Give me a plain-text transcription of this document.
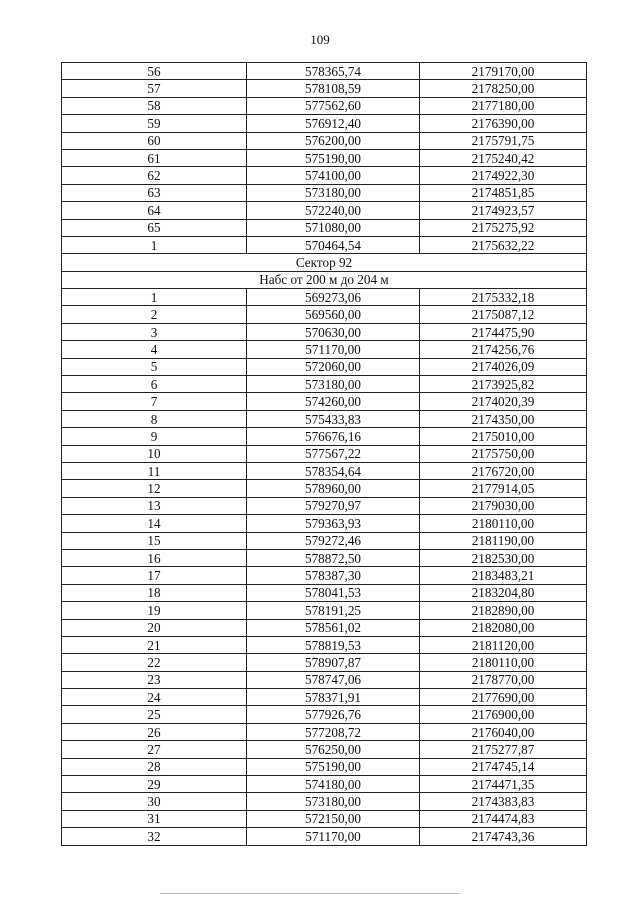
109
56	578365,74	2179170,00
57	578108,59	2178250,00
58	577562,60	2177180,00
59	576912,40	2176390,00
60	576200,00	2175791,75
61	575190,00	2175240,42
62	574100,00	2174922,30
63	573180,00	2174851,85
64	572240,00	2174923,57
65	571080,00	2175275,92
1	570464,54	2175632,22
Сектор 92		
Набс от 200 м до 204 м		
1	569273,06	2175332,18
2	569560,00	2175087,12
3	570630,00	2174475,90
4	571170,00	2174256,76
5	572060,00	2174026,09
6	573180,00	2173925,82
7	574260,00	2174020,39
8	575433,83	2174350,00
9	576676,16	2175010,00
10	577567,22	2175750,00
11	578354,64	2176720,00
12	578960,00	2177914,05
13	579270,97	2179030,00
14	579363,93	2180110,00
15	579272,46	2181190,00
16	578872,50	2182530,00
17	578387,30	2183483,21
18	578041,53	2183204,80
19	578191,25	2182890,00
20	578561,02	2182080,00
21	578819,53	2181120,00
22	578907,87	2180110,00
23	578747,06	2178770,00
24	578371,91	2177690,00
25	577926,76	2176900,00
26	577208,72	2176040,00
27	576250,00	2175277,87
28	575190,00	2174745,14
29	574180,00	2174471,35
30	573180,00	2174383,83
31	572150,00	2174474,83
32	571170,00	2174743,36
